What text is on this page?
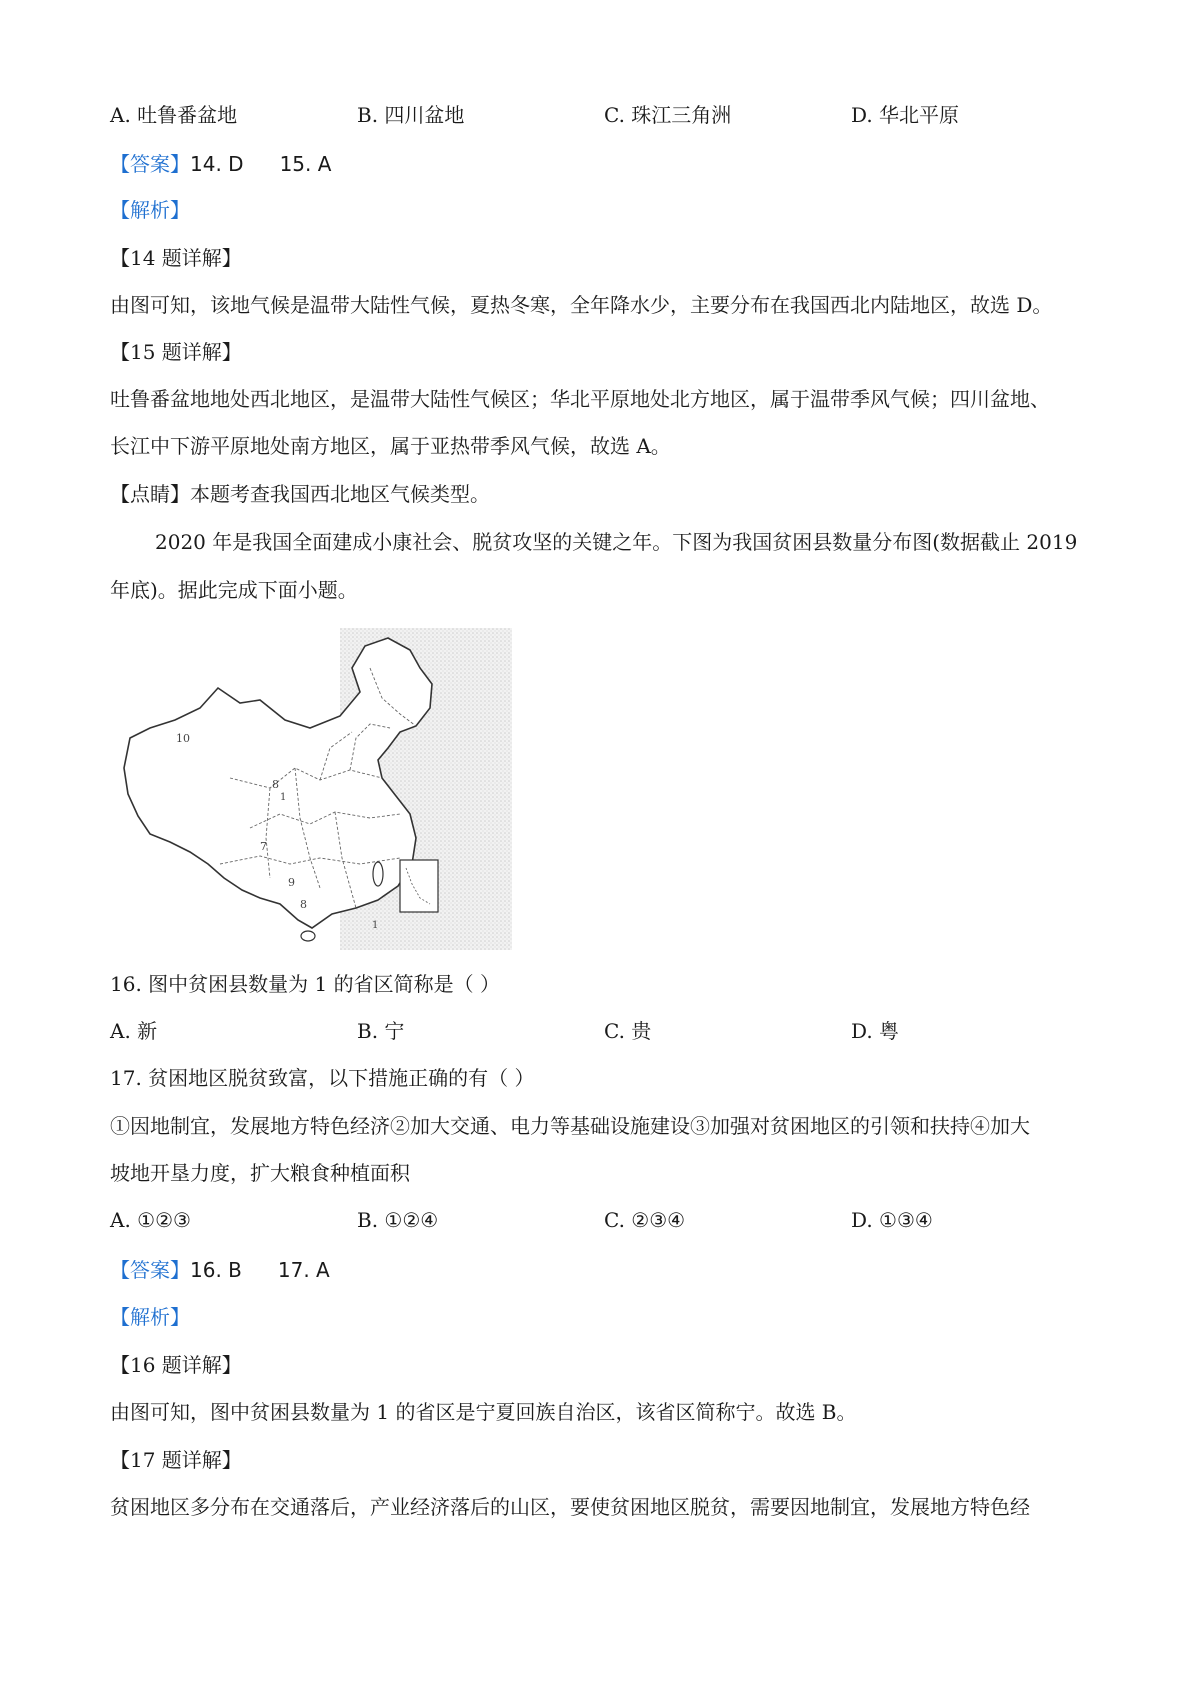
A. 吐鲁番盆地	B. 四川盆地	C. 珠江三角洲	D. 华北平原
【答案】14. D 15. A
【解析】
【14 题详解】
由图可知，该地气候是温带大陆性气候，夏热冬寒，全年降水少，主要分布在我国西北内陆地区，故选 D。
【15 题详解】
吐鲁番盆地地处西北地区，是温带大陆性气候区；华北平原地处北方地区，属于温带季风气候；四川盆地、
长江中下游平原地处南方地区，属于亚热带季风气候，故选 A。
【点睛】本题考查我国西北地区气候类型。
2020 年是我国全面建成小康社会、脱贫攻坚的关键之年。下图为我国贫困县数量分布图(数据截止 2019
年底)。据此完成下面小题。
10
8
7
9
8
1
1
16. 图中贫困县数量为 1 的省区简称是（ ）
A. 新	B. 宁	C. 贵	D. 粤
17. 贫困地区脱贫致富，以下措施正确的有（ ）
①因地制宜，发展地方特色经济②加大交通、电力等基础设施建设③加强对贫困地区的引领和扶持④加大
坡地开垦力度，扩大粮食种植面积
A. ①②③	B. ①②④	C. ②③④	D. ①③④
【答案】16. B 17. A
【解析】
【16 题详解】
由图可知，图中贫困县数量为 1 的省区是宁夏回族自治区，该省区简称宁。故选 B。
【17 题详解】
贫困地区多分布在交通落后，产业经济落后的山区，要使贫困地区脱贫，需要因地制宜，发展地方特色经
